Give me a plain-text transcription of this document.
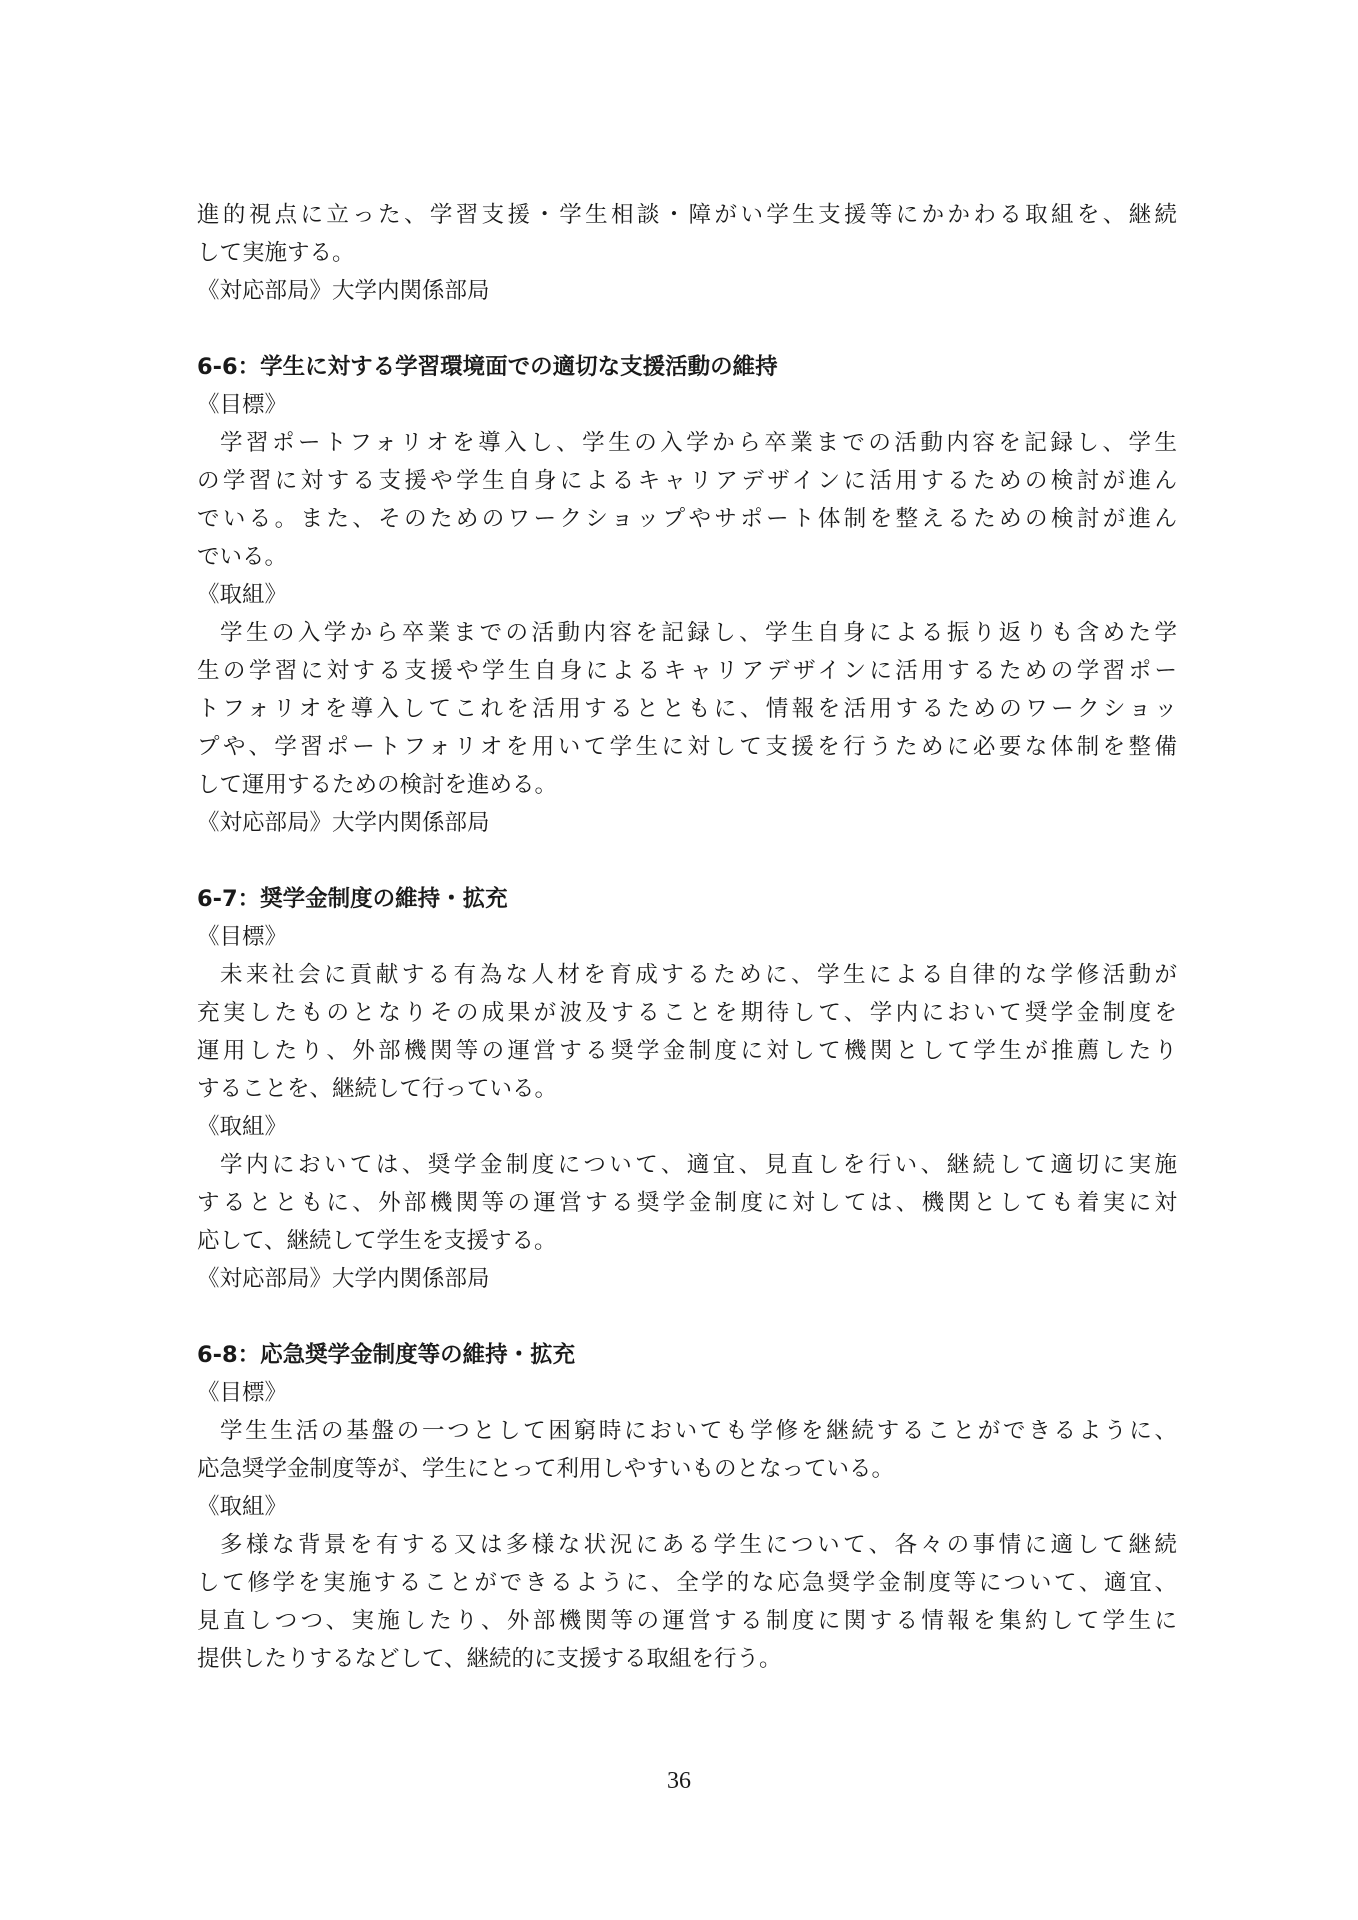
進的視点に立った、学習支援・学生相談・障がい学生支援等にかかわる取組を、継続
して実施する。
《対応部局》大学内関係部局
6-6：学生に対する学習環境面での適切な支援活動の維持
《目標》
学習ポートフォリオを導入し、学生の入学から卒業までの活動内容を記録し、学生
の学習に対する支援や学生自身によるキャリアデザインに活用するための検討が進ん
でいる。また、そのためのワークショップやサポート体制を整えるための検討が進ん
でいる。
《取組》
学生の入学から卒業までの活動内容を記録し、学生自身による振り返りも含めた学
生の学習に対する支援や学生自身によるキャリアデザインに活用するための学習ポー
トフォリオを導入してこれを活用するとともに、情報を活用するためのワークショッ
プや、学習ポートフォリオを用いて学生に対して支援を行うために必要な体制を整備
して運用するための検討を進める。
《対応部局》大学内関係部局
6-7：奨学金制度の維持・拡充
《目標》
未来社会に貢献する有為な人材を育成するために、学生による自律的な学修活動が
充実したものとなりその成果が波及することを期待して、学内において奨学金制度を
運用したり、外部機関等の運営する奨学金制度に対して機関として学生が推薦したり
することを、継続して行っている。
《取組》
学内においては、奨学金制度について、適宜、見直しを行い、継続して適切に実施
するとともに、外部機関等の運営する奨学金制度に対しては、機関としても着実に対
応して、継続して学生を支援する。
《対応部局》大学内関係部局
6-8：応急奨学金制度等の維持・拡充
《目標》
学生生活の基盤の一つとして困窮時においても学修を継続することができるように、
応急奨学金制度等が、学生にとって利用しやすいものとなっている。
《取組》
多様な背景を有する又は多様な状況にある学生について、各々の事情に適して継続
して修学を実施することができるように、全学的な応急奨学金制度等について、適宜、
見直しつつ、実施したり、外部機関等の運営する制度に関する情報を集約して学生に
提供したりするなどして、継続的に支援する取組を行う。
36
